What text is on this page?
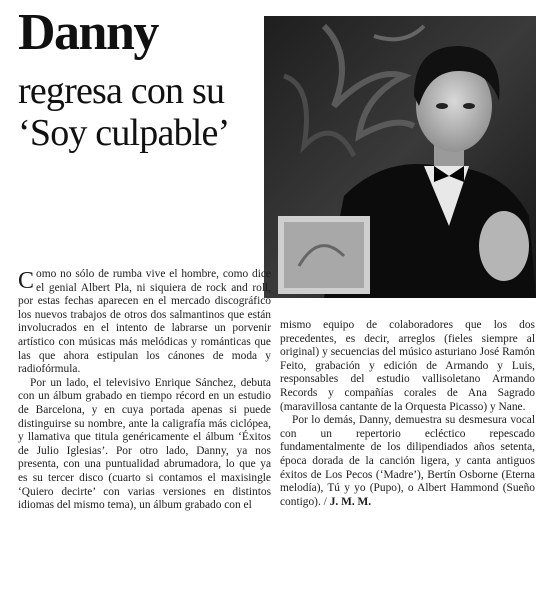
Danny
regresa con su
‘Soy culpable’

Como no sólo de rumba vive el hombre, como dice el genial Albert Pla, ni siquiera de rock and roll, por estas fechas aparecen en el mercado discográfico los nuevos trabajos de otros dos salmantinos que están involucrados en el intento de labrarse un porvenir artístico con músicas más melódicas y románticas que las que ahora estipulan los cánones de moda y radiofórmula.

Por un lado, el televisivo Enrique Sánchez, debuta con un álbum grabado en tiempo récord en un estudio de Barcelona, y en cuya portada apenas si puede distinguirse su nombre, ante la caligrafía más ciclópea, y llamativa que titula genéricamente el álbum ‘Éxitos de Julio Iglesias’. Por otro lado, Danny, ya nos presenta, con una puntualidad abrumadora, lo que ya es su tercer disco (cuarto si contamos el maxisingle ‘Quiero decirte’ con varias versiones en distintos idiomas del mismo tema), un álbum grabado con el

mismo equipo de colaboradores que los dos precedentes, es decir, arreglos (fieles siempre al original) y secuencias del músico asturiano José Ramón Feito, grabación y edición de Armando y Luis, responsables del estudio vallisoletano Armando Records y compañías corales de Ana Sagrado (maravillosa cantante de la Orquesta Picasso) y Nane.

Por lo demás, Danny, demuestra su desmesura vocal con un repertorio ecléctico repescado fundamentalmente de los dilipendiados años setenta, época dorada de la canción ligera, y canta antiguos éxitos de Los Pecos (‘Madre’), Bertín Osborne (Eterna melodía), Tú y yo (Pupo), o Albert Hammond (Sueño contigo). / J. M. M.
